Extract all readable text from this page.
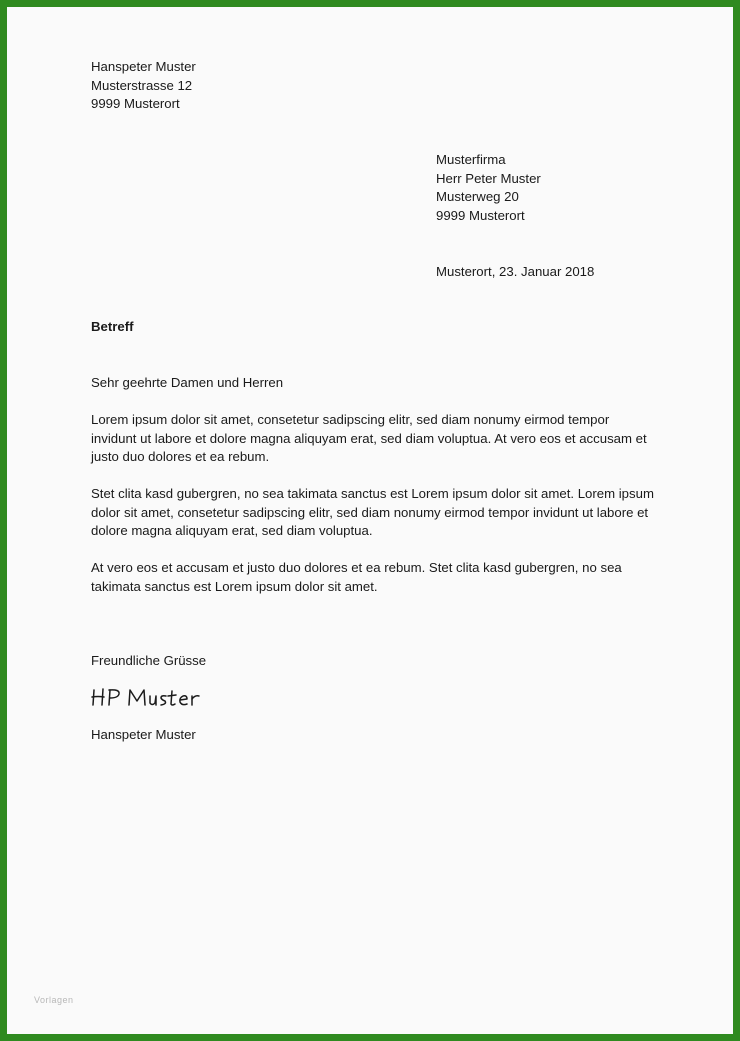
Hanspeter Muster
Musterstrasse 12
9999 Musterort
Musterfirma
Herr Peter Muster
Musterweg 20
9999 Musterort
Musterort, 23. Januar 2018
Betreff
Sehr geehrte Damen und Herren
Lorem ipsum dolor sit amet, consetetur sadipscing elitr, sed diam nonumy eirmod tempor
invidunt ut labore et dolore magna aliquyam erat, sed diam voluptua. At vero eos et accusam et
justo duo dolores et ea rebum.
Stet clita kasd gubergren, no sea takimata sanctus est Lorem ipsum dolor sit amet. Lorem ipsum
dolor sit amet, consetetur sadipscing elitr, sed diam nonumy eirmod tempor invidunt ut labore et
dolore magna aliquyam erat, sed diam voluptua.
At vero eos et accusam et justo duo dolores et ea rebum. Stet clita kasd gubergren, no sea
takimata sanctus est Lorem ipsum dolor sit amet.
Freundliche Grüsse
Hanspeter Muster
Vorlagen
